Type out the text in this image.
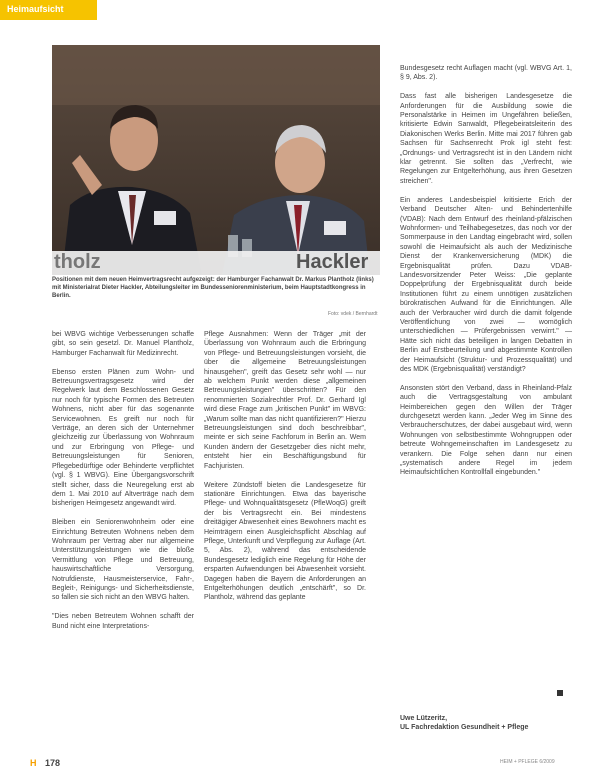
Heimaufsicht
tholz	Hackler
Positionen mit dem neuen Heimvertragsrecht aufgezeigt: der Hamburger Fachanwalt Dr. Markus Plantholz (links) mit Ministerialrat Dieter Hackler, Abteilungsleiter im Bundesseniorenministerium, beim Hauptstadtkongress in Berlin.
Foto: vdek / Bernhardt
bei WBVG wichtige Verbesserungen schaffe gibt, so sein gesetzl. Dr. Manuel Plantholz, Hamburger Fachanwalt für Medizinrecht.

Ebenso ersten Plänen zum Wohn- und Betreuungsvertragsgesetz wird der Regelwerk laut dem Beschlossenen Gesetz nur noch für typische Formen des Betreuten Wohnens, nicht aber für das sogenannte Servicewohnen. Es greift nur noch für Verträge, an deren sich der Unternehmer gleichzeitig zur Überlassung von Wohnraum und zur Erbringung von Pflege- und Betreuungsleistungen für Senioren, Pflegebedürftige oder Behinderte verpflichtet (vgl. § 1 WBVG). Eine Übergangsvorschrift stellt sicher, dass die Neuregelung erst ab dem 1. Mai 2010 auf Altverträge nach dem bisherigen Heimgesetz angewandt wird.

Bleiben ein Seniorenwohnheim oder eine Einrichtung Betreuten Wohnens neben dem Wohnraum per Vertrag aber nur allgemeine Unterstützungsleistungen wie die bloße Vermittlung von Pflege und Betreuung, hauswirtschaftliche Versorgung, Notrufdienste, Hausmeisterservice, Fahr-, Begleit-, Reinigungs- und Sicherheitsdienste, so fallen sie sich nicht an den WBVG halten.

"Dies neben Betreutem Wohnen schafft der Bund nicht eine Interpretations-
Pflege Ausnahmen: Wenn der Träger „mit der Überlassung von Wohnraum auch die Erbringung von Pflege- und Betreuungsleistungen vorsieht, die über die allgemeine Betreuungsleistungen hinausgehen", greift das Gesetz sehr wohl — nur ab welchem Punkt werden diese „allgemeinen Betreuungsleistungen" überschritten? Für den renommierten Sozialrechtler Prof. Dr. Gerhard Igl wird diese Frage zum „kritischen Punkt" im WBVG: „Warum sollte man das nicht quantifizieren?" Hierzu Betreuungsleistungen sind doch beschreibbar", meinte er sich seine Fachforum in Berlin an. Wem Kunden ändern der Gesetzgeber dies nicht mehr, entsteht hier ein Beschäftigungsbund für Fachjuristen.

Weitere Zündstoff bieten die Landesgesetze für stationäre Einrichtungen. Etwa das bayerische Pflege- und Wohnqualitätsgesetz (PfleWoqG) greift der bis Vertragsrecht ein. Bei mindestens dreitägiger Abwesenheit eines Bewohners macht es Heimträgern einen Ausgleichspflicht Abschlag auf Pflege, Unterkunft und Verpflegung zur Auflage (Art. 5, Abs. 2), während das entscheidende Bundesgesetz lediglich eine Regelung für Höhe der ersparten Aufwendungen bei Abwesenheit vorsieht. Dagegen haben die Bayern die Anforderungen an Entgelterhöhungen deutlich „entschärft", so Dr. Plantholz, während das geplante
Bundesgesetz recht Auflagen macht (vgl. WBVG Art. 1, § 9, Abs. 2).

Dass fast alle bisherigen Landesgesetze die Anforderungen für die Ausbildung sowie die Personalstärke in Heimen im Ungefähren beließen, kritisierte Edwin Sanwaldt, Pflegebeiratsleiterin des Diakonischen Werks Berlin. Mitte mai 2017 führen gab Sachsen für Sachsenrecht Prok igl steht fest: „Ordnungs- und Vertragsrecht ist in den Ländern nicht klar getrennt. Sie sollten das „Verfrecht, wie Regelungen zur Entgelterhöhung, aus ihren Gesetzen streichen".

Ein anderes Landesbeispiel kritisierte Erich der Verband Deutscher Alten- und Behindertenhilfe (VDAB): Nach dem Entwurf des rheinland-pfälzischen Wohnformen- und Teilhabegesetzes, das noch vor der Sommerpause in den Landtag eingebracht wird, sollen sowohl die Heimaufsicht als auch der Medizinische Dienst der Krankenversicherung (MDK) die Ergebnisqualität prüfen. Dazu VDAB-Landesvorsitzender Peter Weiss: „Die geplante Doppelprüfung der Ergebnisqualität durch beide Institutionen führt zu einem unnötigen zusätzlichen bürokratischen Aufwand für die Einrichtungen. Alle auch der Verbraucher wird durch die damit folgende Veröffentlichung von zwei — womöglich unterschiedlichen — Prüfergebnissen verwirrt." — Hätte sich nicht das beteiligen in langen Debatten in Berlin auf Erstbeurteilung und abgestimmte Kontrollen der Heimaufsicht (Struktur- und Prozessqualität) und des MDK (Ergebnisqualität) verständigt?

Ansonsten stört den Verband, dass in Rheinland-Pfalz auch die Vertragsgestaltung von ambulant Heimbereichen gegen den Willen der Träger durchgesetzt werden kann. „Jeder Weg im Sinne des Verbraucherschutzes, der dabei ausgebaut wird, wenn Wohnungen von selbstbestimmte Wohngruppen oder betreute Wohngemeinschaften im Landesgesetz zu verankern. Die Folge sehen dann nur einen „systematisch andere Regel im jedem Heimaufsichtlichen Kontrollfall eingebunden."
Uwe Lützeritz,
UL Fachredaktion Gesundheit + Pflege
H 178	HEIM + PFLEGE 6/2009
